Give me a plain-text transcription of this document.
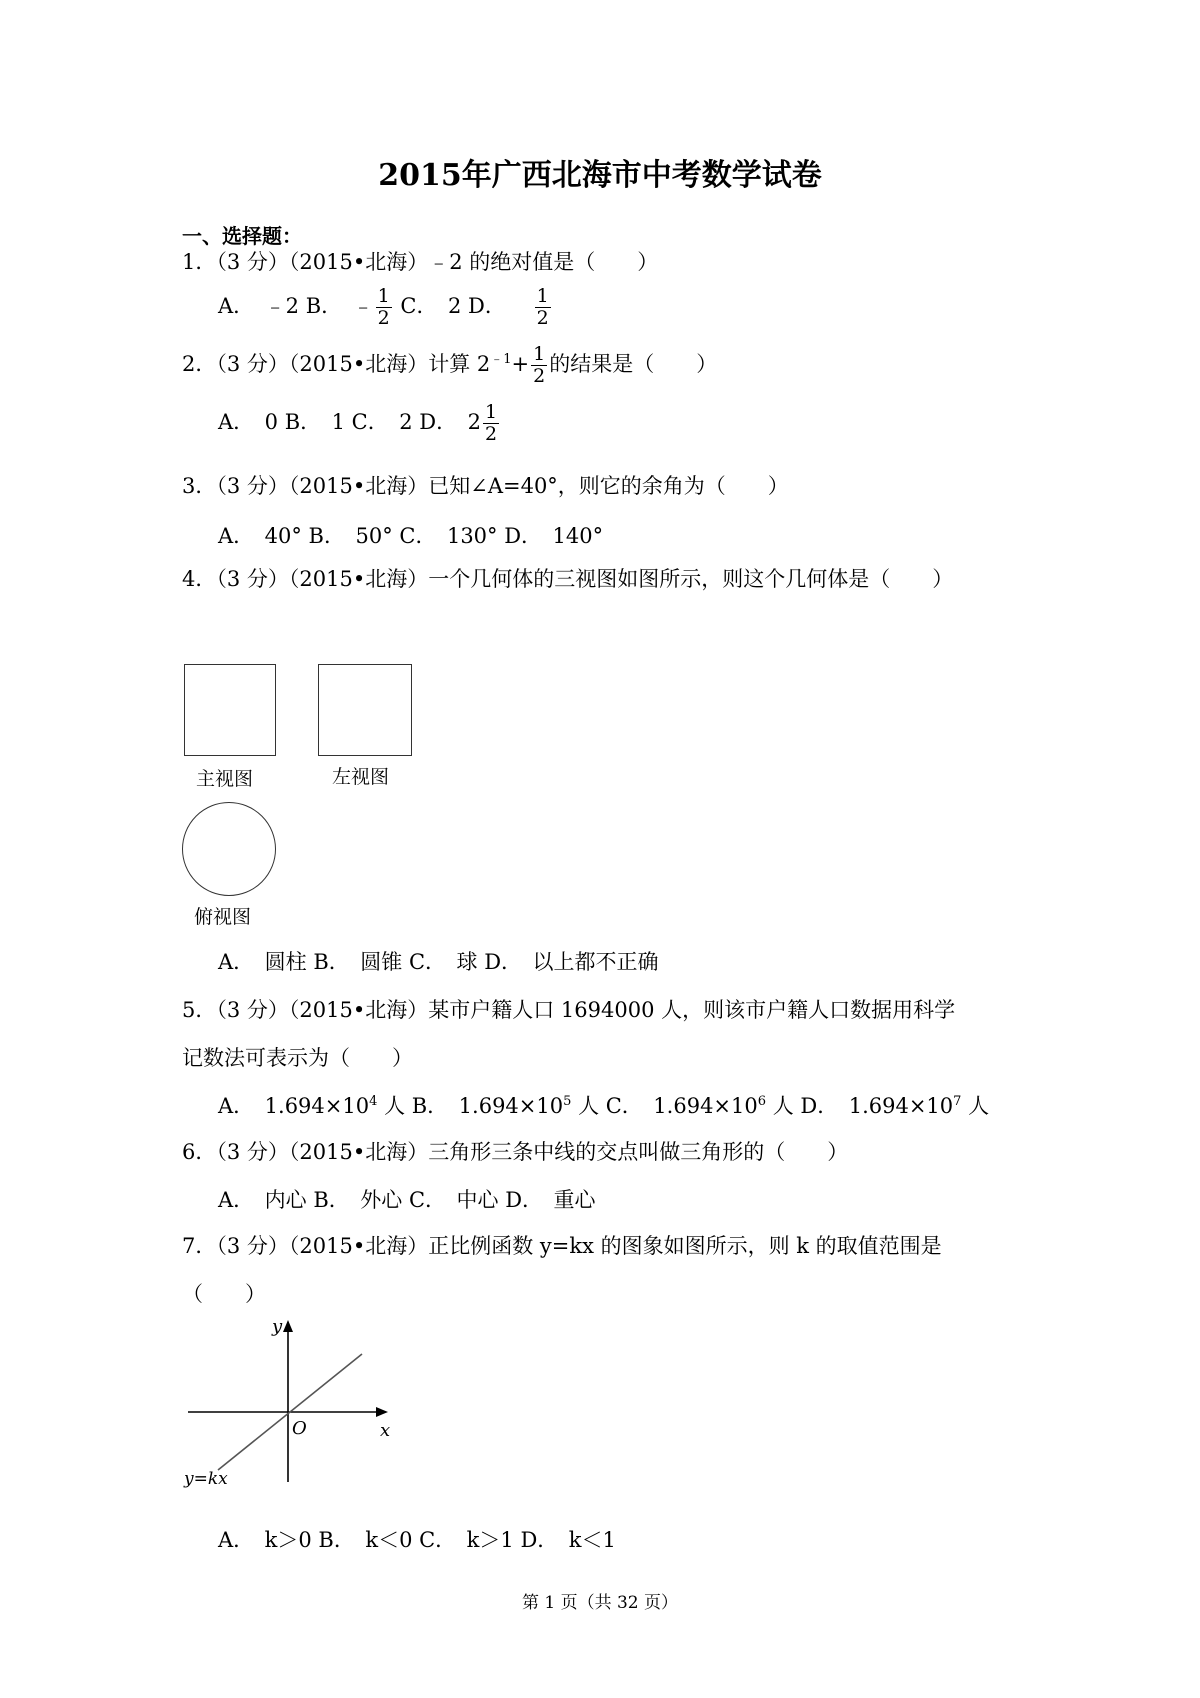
2015年广西北海市中考数学试卷
一、选择题：
1．（3 分）（2015•北海）﹣2 的绝对值是（　　）
A．　﹣2 B．　﹣ $\frac{1}{2}$ C．　2 D． $\frac{1}{2}$
2．（3 分）（2015•北海）计算 $2^{﹣1}+ \frac{1}{2}$ 的结果是（　　）
A．　0 B．　1 C．　2 D．　$2 \frac{1}{2}$
3．（3 分）（2015•北海）已知∠A=40°，则它的余角为（　　）
A．　40° B．　50° C．　130° D．　140°
4．（3 分）（2015•北海）一个几何体的三视图如图所示，则这个几何体是（　　）
主视图	左视图
俯视图
A．　圆柱 B．　圆锥 C．　球 D．　以上都不正确
5．（3 分）（2015•北海）某市户籍人口 1694000 人，则该市户籍人口数据用科学
记数法可表示为（　　）
A．　$1.694\times 10^4$ 人 B．　$1.694\times 10^5$ 人 C．　$1.694\times 10^6$ 人 D．　$1.694\times 10^7$ 人
6．（3 分）（2015•北海）三角形三条中线的交点叫做三角形的（　　）
A．　内心 B．　外心 C．　中心 D．　重心
7．（3 分）（2015•北海）正比例函数 y=kx 的图象如图所示，则 k 的取值范围是
（　　）
y
x
O
y=kx
A．　k＞0 B．　k＜0 C．　k＞1 D．　k＜1
第 1 页（共 32 页）
